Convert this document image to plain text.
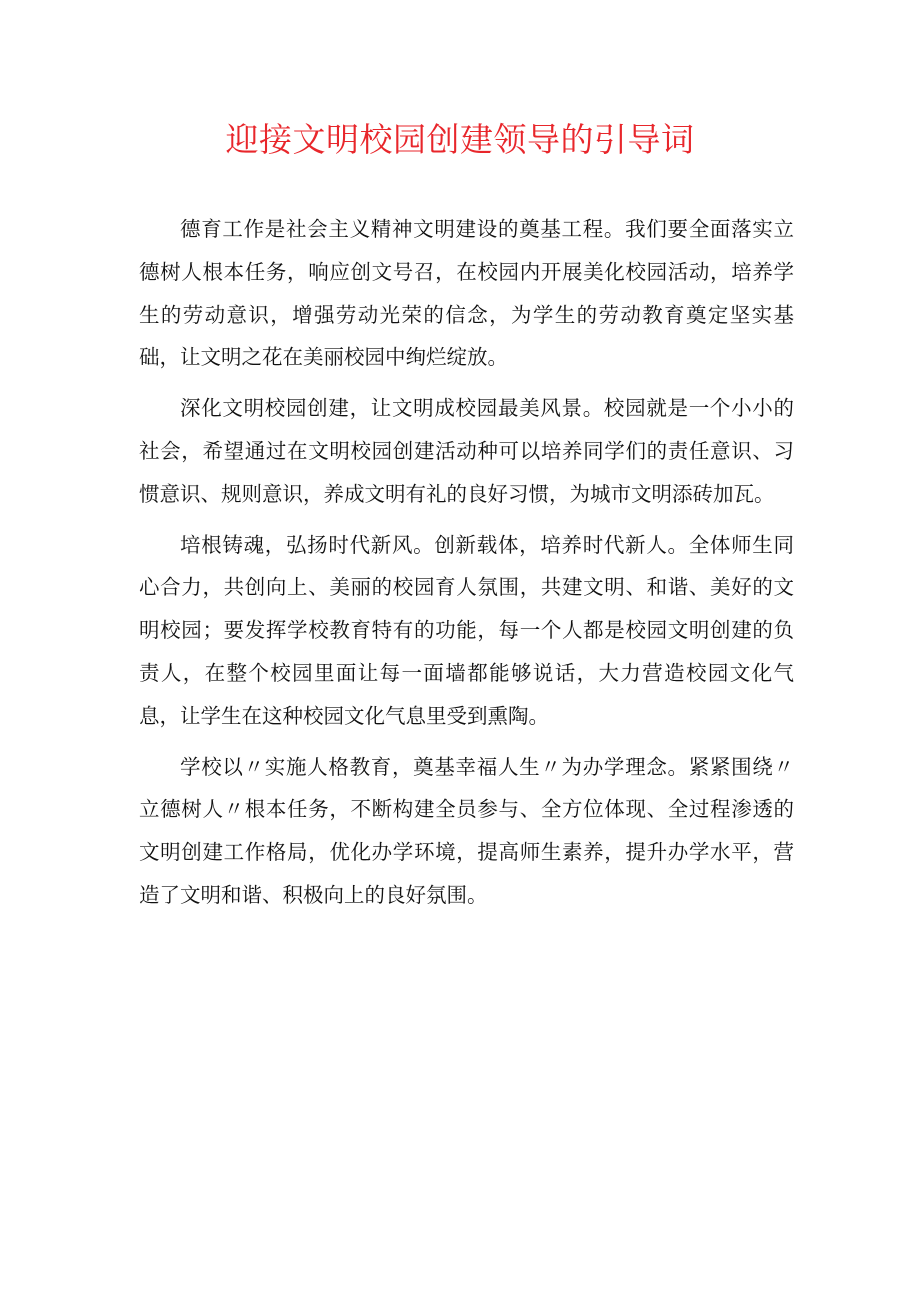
迎接文明校园创建领导的引导词

德育工作是社会主义精神文明建设的奠基工程。我们要全面落实立德树人根本任务，响应创文号召，在校园内开展美化校园活动，培养学生的劳动意识，增强劳动光荣的信念，为学生的劳动教育奠定坚实基础，让文明之花在美丽校园中绚烂绽放。

深化文明校园创建，让文明成校园最美风景。校园就是一个小小的社会，希望通过在文明校园创建活动种可以培养同学们的责任意识、习惯意识、规则意识，养成文明有礼的良好习惯，为城市文明添砖加瓦。

培根铸魂，弘扬时代新风。创新载体，培养时代新人。全体师生同心合力，共创向上、美丽的校园育人氛围，共建文明、和谐、美好的文明校园；要发挥学校教育特有的功能，每一个人都是校园文明创建的负责人，在整个校园里面让每一面墙都能够说话，大力营造校园文化气息，让学生在这种校园文化气息里受到熏陶。

学校以〃实施人格教育，奠基幸福人生〃为办学理念。紧紧围绕〃立德树人〃根本任务，不断构建全员参与、全方位体现、全过程渗透的文明创建工作格局，优化办学环境，提高师生素养，提升办学水平，营造了文明和谐、积极向上的良好氛围。
